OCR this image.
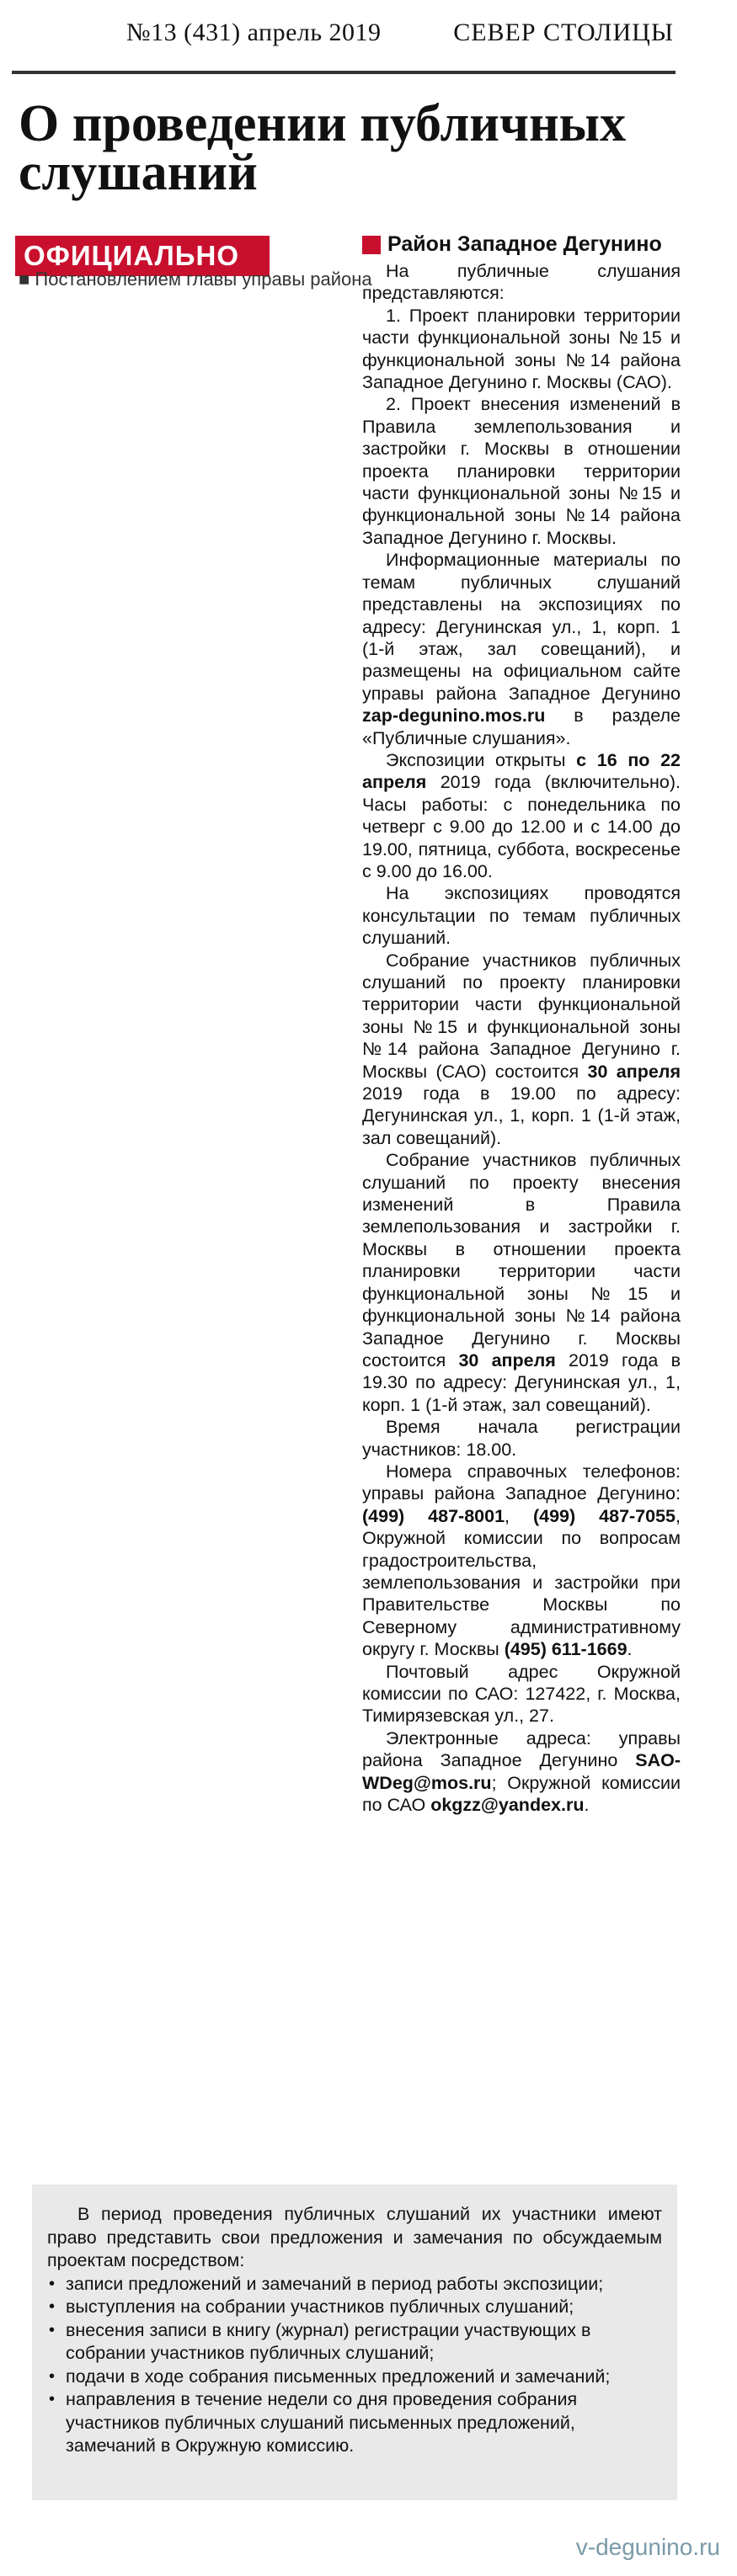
№13 (431) апрель 2019	СЕВЕР СТОЛИЦЫ
О проведении публичных слушаний
ОФИЦИАЛЬНО
■ Постановлением главы управы района
Район Западное Дегунино

На публичные слушания представляются:

1. Проект планировки территории части функциональной зоны №15 и функциональной зоны №14 района Западное Дегунино г. Москвы (САО).

2. Проект внесения изменений в Правила землепользования и застройки г. Москвы в отношении проекта планировки территории части функциональной зоны №15 и функциональной зоны №14 района Западное Дегунино г. Москвы.

Информационные материалы по темам публичных слушаний представлены на экспозициях по адресу: Дегунинская ул., 1, корп. 1 (1-й этаж, зал совещаний), и размещены на официальном сайте управы района Западное Дегунино zap-degunino.mos.ru в разделе «Публичные слушания».

Экспозиции открыты с 16 по 22 апреля 2019 года (включительно). Часы работы: с понедельника по четверг с 9.00 до 12.00 и с 14.00 до 19.00, пятница, суббота, воскресенье с 9.00 до 16.00.

На экспозициях проводятся консультации по темам публичных слушаний.

Собрание участников публичных слушаний по проекту планировки территории части функциональной зоны №15 и функциональной зоны №14 района Западное Дегунино г. Москвы (САО) состоится 30 апреля 2019 года в 19.00 по адресу: Дегунинская ул., 1, корп. 1 (1-й этаж, зал совещаний).

Собрание участников публичных слушаний по проекту внесения изменений в Правила землепользования и застройки г. Москвы в отношении проекта планировки территории части функциональной зоны №15 и функциональной зоны №14 района Западное Дегунино г. Москвы состоится 30 апреля 2019 года в 19.30 по адресу: Дегунинская ул., 1, корп. 1 (1-й этаж, зал совещаний).

Время начала регистрации участников: 18.00.

Номера справочных телефонов: управы района Западное Дегунино: (499) 487-8001, (499) 487-7055, Окружной комиссии по вопросам градостроительства, землепользования и застройки при Правительстве Москвы по Северному административному округу г. Москвы (495) 611-1669.

Почтовый адрес Окружной комиссии по САО: 127422, г. Москва, Тимирязевская ул., 27.

Электронные адреса: управы района Западное Дегунино SAO-WDeg@mos.ru; Окружной комиссии по САО okgzz@yandex.ru.

В период проведения публичных слушаний их участники имеют право представить свои предложения и замечания по обсуждаемым проектам посредством:

• записи предложений и замечаний в период работы экспозиции;
• выступления на собрании участников публичных слушаний;
• внесения записи в книгу (журнал) регистрации участвующих в собрании участников публичных слушаний;
• подачи в ходе собрания письменных предложений и замечаний;
• направления в течение недели со дня проведения собрания участников публичных слушаний письменных предложений, замечаний в Окружную комиссию.
v-degunino.ru
